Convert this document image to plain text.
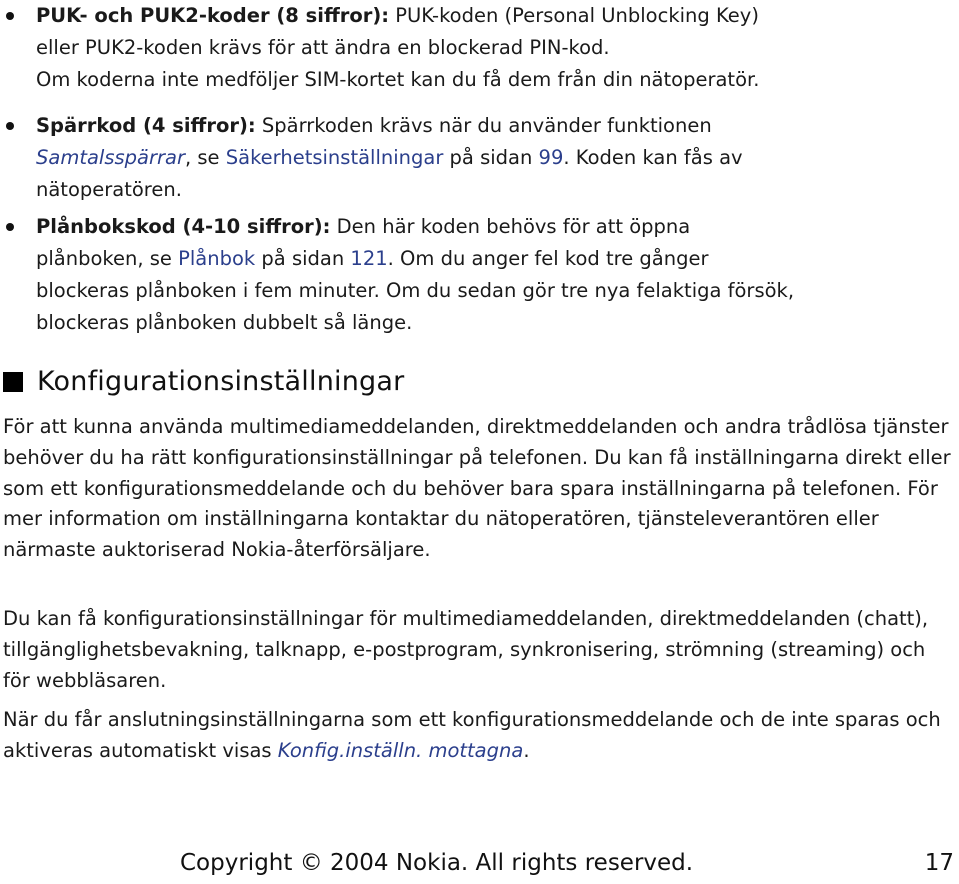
PUK- och PUK2-koder (8 siffror): PUK-koden (Personal Unblocking Key) eller PUK2-koden krävs för att ändra en blockerad PIN-kod.
Om koderna inte medföljer SIM-kortet kan du få dem från din nätoperatör.
Spärrkod (4 siffror): Spärrkoden krävs när du använder funktionen Samtalsspärrar, se Säkerhetsinställningar på sidan 99. Koden kan fås av nätoperatören.
Plånbokskod (4-10 siffror): Den här koden behövs för att öppna plånboken, se Plånbok på sidan 121. Om du anger fel kod tre gånger blockeras plånboken i fem minuter. Om du sedan gör tre nya felaktiga försök, blockeras plånboken dubbelt så länge.
Konfigurationsinställningar
För att kunna använda multimediameddelanden, direktmeddelanden och andra trådlösa tjänster behöver du ha rätt konfigurationsinställningar på telefonen. Du kan få inställningarna direkt eller som ett konfigurationsmeddelande och du behöver bara spara inställningarna på telefonen. För mer information om inställningarna kontaktar du nätoperatören, tjänsteleverantören eller närmaste auktoriserad Nokia-återförsäljare.
Du kan få konfigurationsinställningar för multimediameddelanden, direktmeddelanden (chatt), tillgänglighetsbevakning, talknapp, e-postprogram, synkronisering, strömning (streaming) och för webbläsaren.
När du får anslutningsinställningarna som ett konfigurationsmeddelande och de inte sparas och aktiveras automatiskt visas Konfig.inställn. mottagna.
Copyright © 2004 Nokia. All rights reserved.	17
